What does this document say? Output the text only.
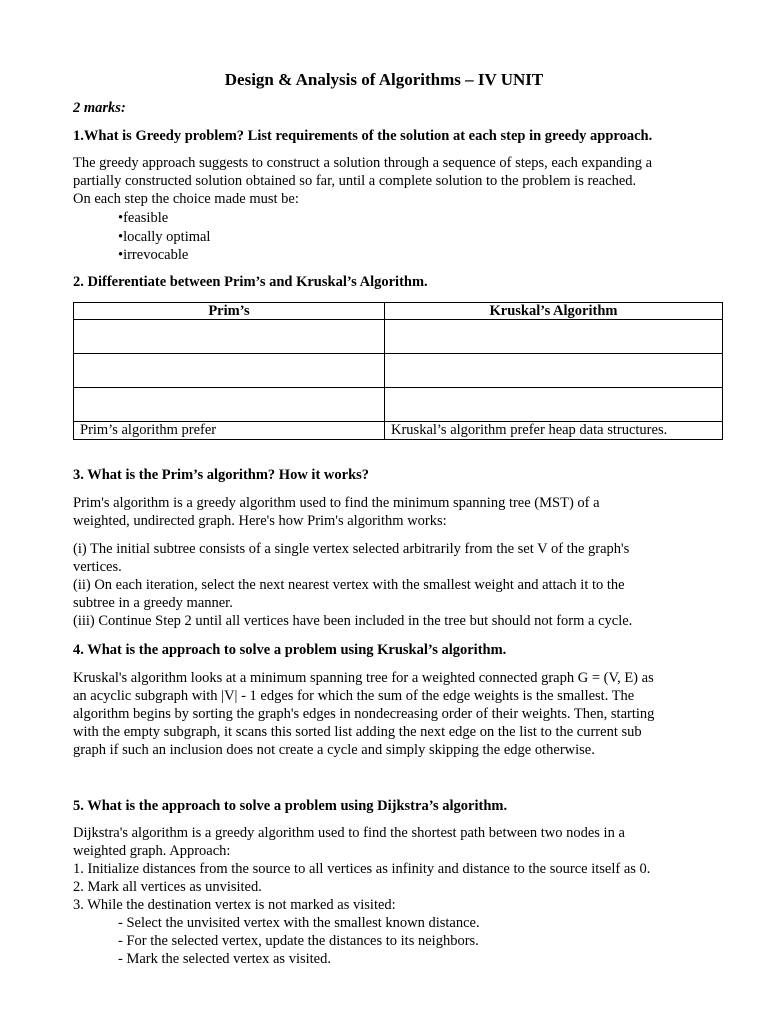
Design & Analysis of Algorithms – IV UNIT

2 marks:

1.What is Greedy problem? List requirements of the solution at each step in greedy approach.

The greedy approach suggests to construct a solution through a sequence of steps, each expanding a
partially constructed solution obtained so far, until a complete solution to the problem is reached.
On each step the choice made must be:
• feasible
• locally optimal
• irrevocable

2. Differentiate between Prim’s and Kruskal’s Algorithm.

Prim’s	Kruskal’s Algorithm

Prim’s algorithm prefer	Kruskal’s algorithm prefer heap data structures.

3. What is the Prim’s algorithm? How it works?

Prim's algorithm is a greedy algorithm used to find the minimum spanning tree (MST) of a
weighted, undirected graph. Here's how Prim's algorithm works:
(i) The initial subtree consists of a single vertex selected arbitrarily from the set V of the graph's
vertices.
(ii) On each iteration, select the next nearest vertex with the smallest weight and attach it to the
subtree in a greedy manner.
(iii) Continue Step 2 until all vertices have been included in the tree but should not form a cycle.

4. What is the approach to solve a problem using Kruskal’s algorithm.

Kruskal's algorithm looks at a minimum spanning tree for a weighted connected graph G = (V, E) as
an acyclic subgraph with |V| - 1 edges for which the sum of the edge weights is the smallest. The
algorithm begins by sorting the graph's edges in nondecreasing order of their weights. Then, starting
with the empty subgraph, it scans this sorted list adding the next edge on the list to the current sub
graph if such an inclusion does not create a cycle and simply skipping the edge otherwise.

5. What is the approach to solve a problem using Dijkstra’s algorithm.

Dijkstra's algorithm is a greedy algorithm used to find the shortest path between two nodes in a
weighted graph. Approach:
1. Initialize distances from the source to all vertices as infinity and distance to the source itself as 0.
2. Mark all vertices as unvisited.
3. While the destination vertex is not marked as visited:
- Select the unvisited vertex with the smallest known distance.
- For the selected vertex, update the distances to its neighbors.
- Mark the selected vertex as visited.
